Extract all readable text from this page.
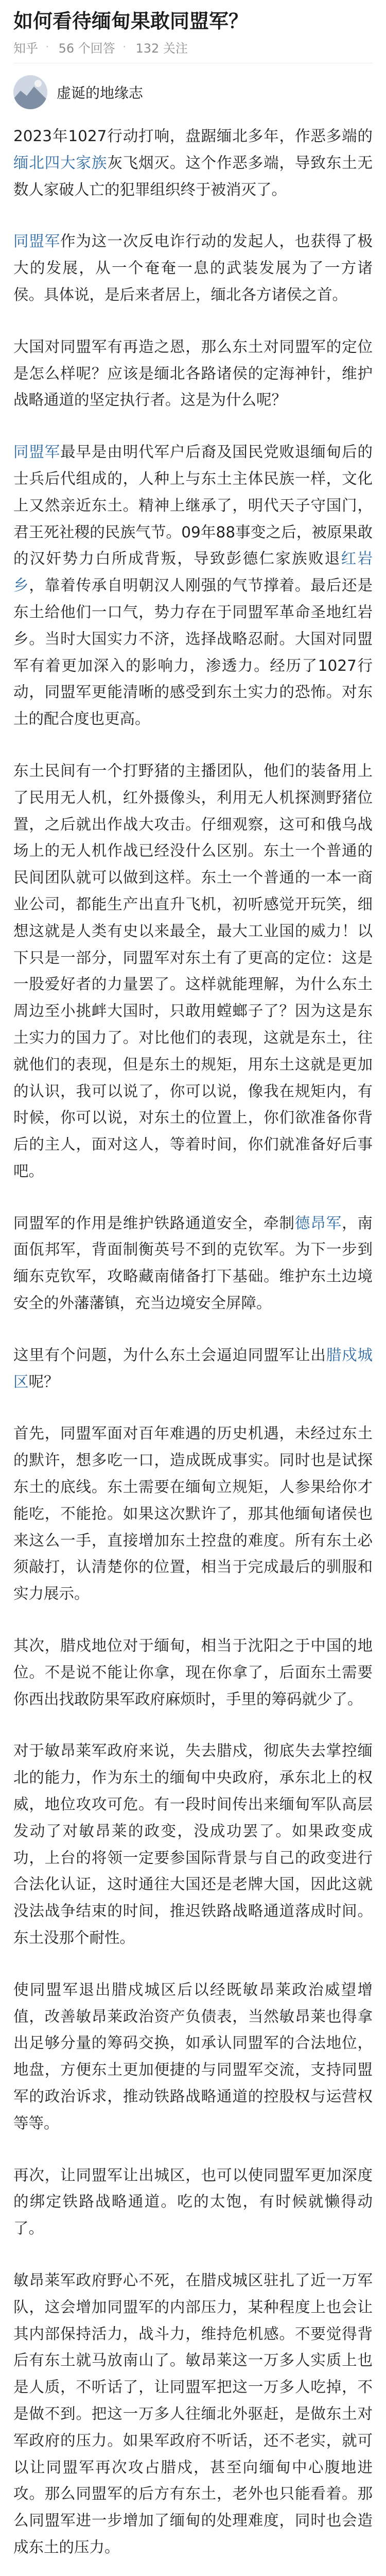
如何看待缅甸果敢同盟军？
知乎 · 56 个回答 · 132 关注
虚诞的地缘志

2023年1027行动打响，盘踞缅北多年，作恶多端的缅北四大家族灰飞烟灭。这个作恶多端，导致东土无数人家破人亡的犯罪组织终于被消灭了。

同盟军作为这一次反电诈行动的发起人，也获得了极大的发展，从一个奄奄一息的武装发展为了一方诸侯。具体说，是后来者居上，缅北各方诸侯之首。

大国对同盟军有再造之恩，那么东土对同盟军的定位是怎么样呢？应该是缅北各路诸侯的定海神针，维护战略通道的坚定执行者。这是为什么呢？

同盟军最早是由明代军户后裔及国民党败退缅甸后的士兵后代组成的，人种上与东土主体民族一样，文化上又然亲近东土。精神上继承了，明代天子守国门，君王死社稷的民族气节。09年88事变之后，被原果敢的汉奸势力白所成背叛，导致彭德仁家族败退红岩乡，靠着传承自明朝汉人刚强的气节撑着。最后还是东土给他们一口气，势力存在于同盟军革命圣地红岩乡。当时大国实力不济，选择战略忍耐。大国对同盟军有着更加深入的影响力，渗透力。经历了1027行动，同盟军更能清晰的感受到东土实力的恐怖。对东土的配合度也更高。

东土民间有一个打野猪的主播团队，他们的装备用上了民用无人机，红外摄像头，利用无人机探测野猪位置，之后就出作战大攻击。仔细观察，这可和俄乌战场上的无人机作战已经没什么区别。东土一个普通的民间团队就可以做到这样。东土一个普通的一本一商业公司，都能生产出直升飞机，初听感觉开玩笑，细想这就是人类有史以来最全，最大工业国的威力！以下只是一部分，同盟军对东土有了更高的定位：这是一股爱好者的力量罢了。这样就能理解，为什么东土周边至小挑衅大国时，只敢用螳螂子了？因为这是东土实力的国力了。对比他们的表现，这就是东土，往就他们的表现，但是东土的规矩，用东土这就是更加的认识，我可以说了，你可以说，像我在规矩内，有时候，你可以说，对东土的位置上，你们欲准备你背后的主人，面对这人，等着时间，你们就准备好后事吧。

同盟军的作用是维护铁路通道安全，牵制德昂军，南面佤邦军，背面制衡英号不到的克钦军。为下一步到缅东克钦军，攻略藏南储备打下基础。维护东土边境安全的外藩藩镇，充当边境安全屏障。

这里有个问题，为什么东土会逼迫同盟军让出腊戍城区呢？

首先，同盟军面对百年难遇的历史机遇，未经过东土的默许，想多吃一口，造成既成事实。同时也是试探东土的底线。东土需要在缅甸立规矩，人参果给你才能吃，不能抢。如果这次默许了，那其他缅甸诸侯也来这么一手，直接增加东土控盘的难度。所有东土必须敲打，认清楚你的位置，相当于完成最后的驯服和实力展示。

其次，腊戍地位对于缅甸，相当于沈阳之于中国的地位。不是说不能让你拿，现在你拿了，后面东土需要你西出找敢防果军政府麻烦时，手里的筹码就少了。

对于敏昂莱军政府来说，失去腊戍，彻底失去掌控缅北的能力，作为东土的缅甸中央政府，承东北上的权威，地位攻攻可危。有一段时间传出来缅甸军队高层发动了对敏昂莱的政变，没成功罢了。如果政变成功，上台的将领一定要参国际背景与自己的政变进行合法化认证，这时通往大国还是老牌大国，因此这就没法战争结束的时间，推迟铁路战略通道落成时间。东土没那个耐性。

使同盟军退出腊戍城区后以经既敏昂莱政治威望增值，改善敏昂莱政治资产负债表，当然敏昂莱也得拿出足够分量的筹码交换，如承认同盟军的合法地位，地盘，方便东土更加便捷的与同盟军交流，支持同盟军的政治诉求，推动铁路战略通道的控股权与运营权等等。

再次，让同盟军让出城区，也可以使同盟军更加深度的绑定铁路战略通道。吃的太饱，有时候就懒得动了。

敏昂莱军政府野心不死，在腊戍城区驻扎了近一万军队，这会增加同盟军的内部压力，某种程度上也会让其内部保持活力，战斗力，维持危机感。不要觉得背后有东土就马放南山了。敏昂莱这一万多人实质上也是人质，不听话了，让同盟军把这一万多人吃掉，不是做不到。把这一万多人往缅北外驱赶，是做东土对军政府的压力。如果军政府不听话，还不老实，就可以让同盟军再次攻占腊戍，甚至向缅甸中心腹地进攻。那么同盟军的后方有东土，老外也只能看着。那么同盟军进一步增加了缅甸的处理难度，同时也会造成东土的压力。
